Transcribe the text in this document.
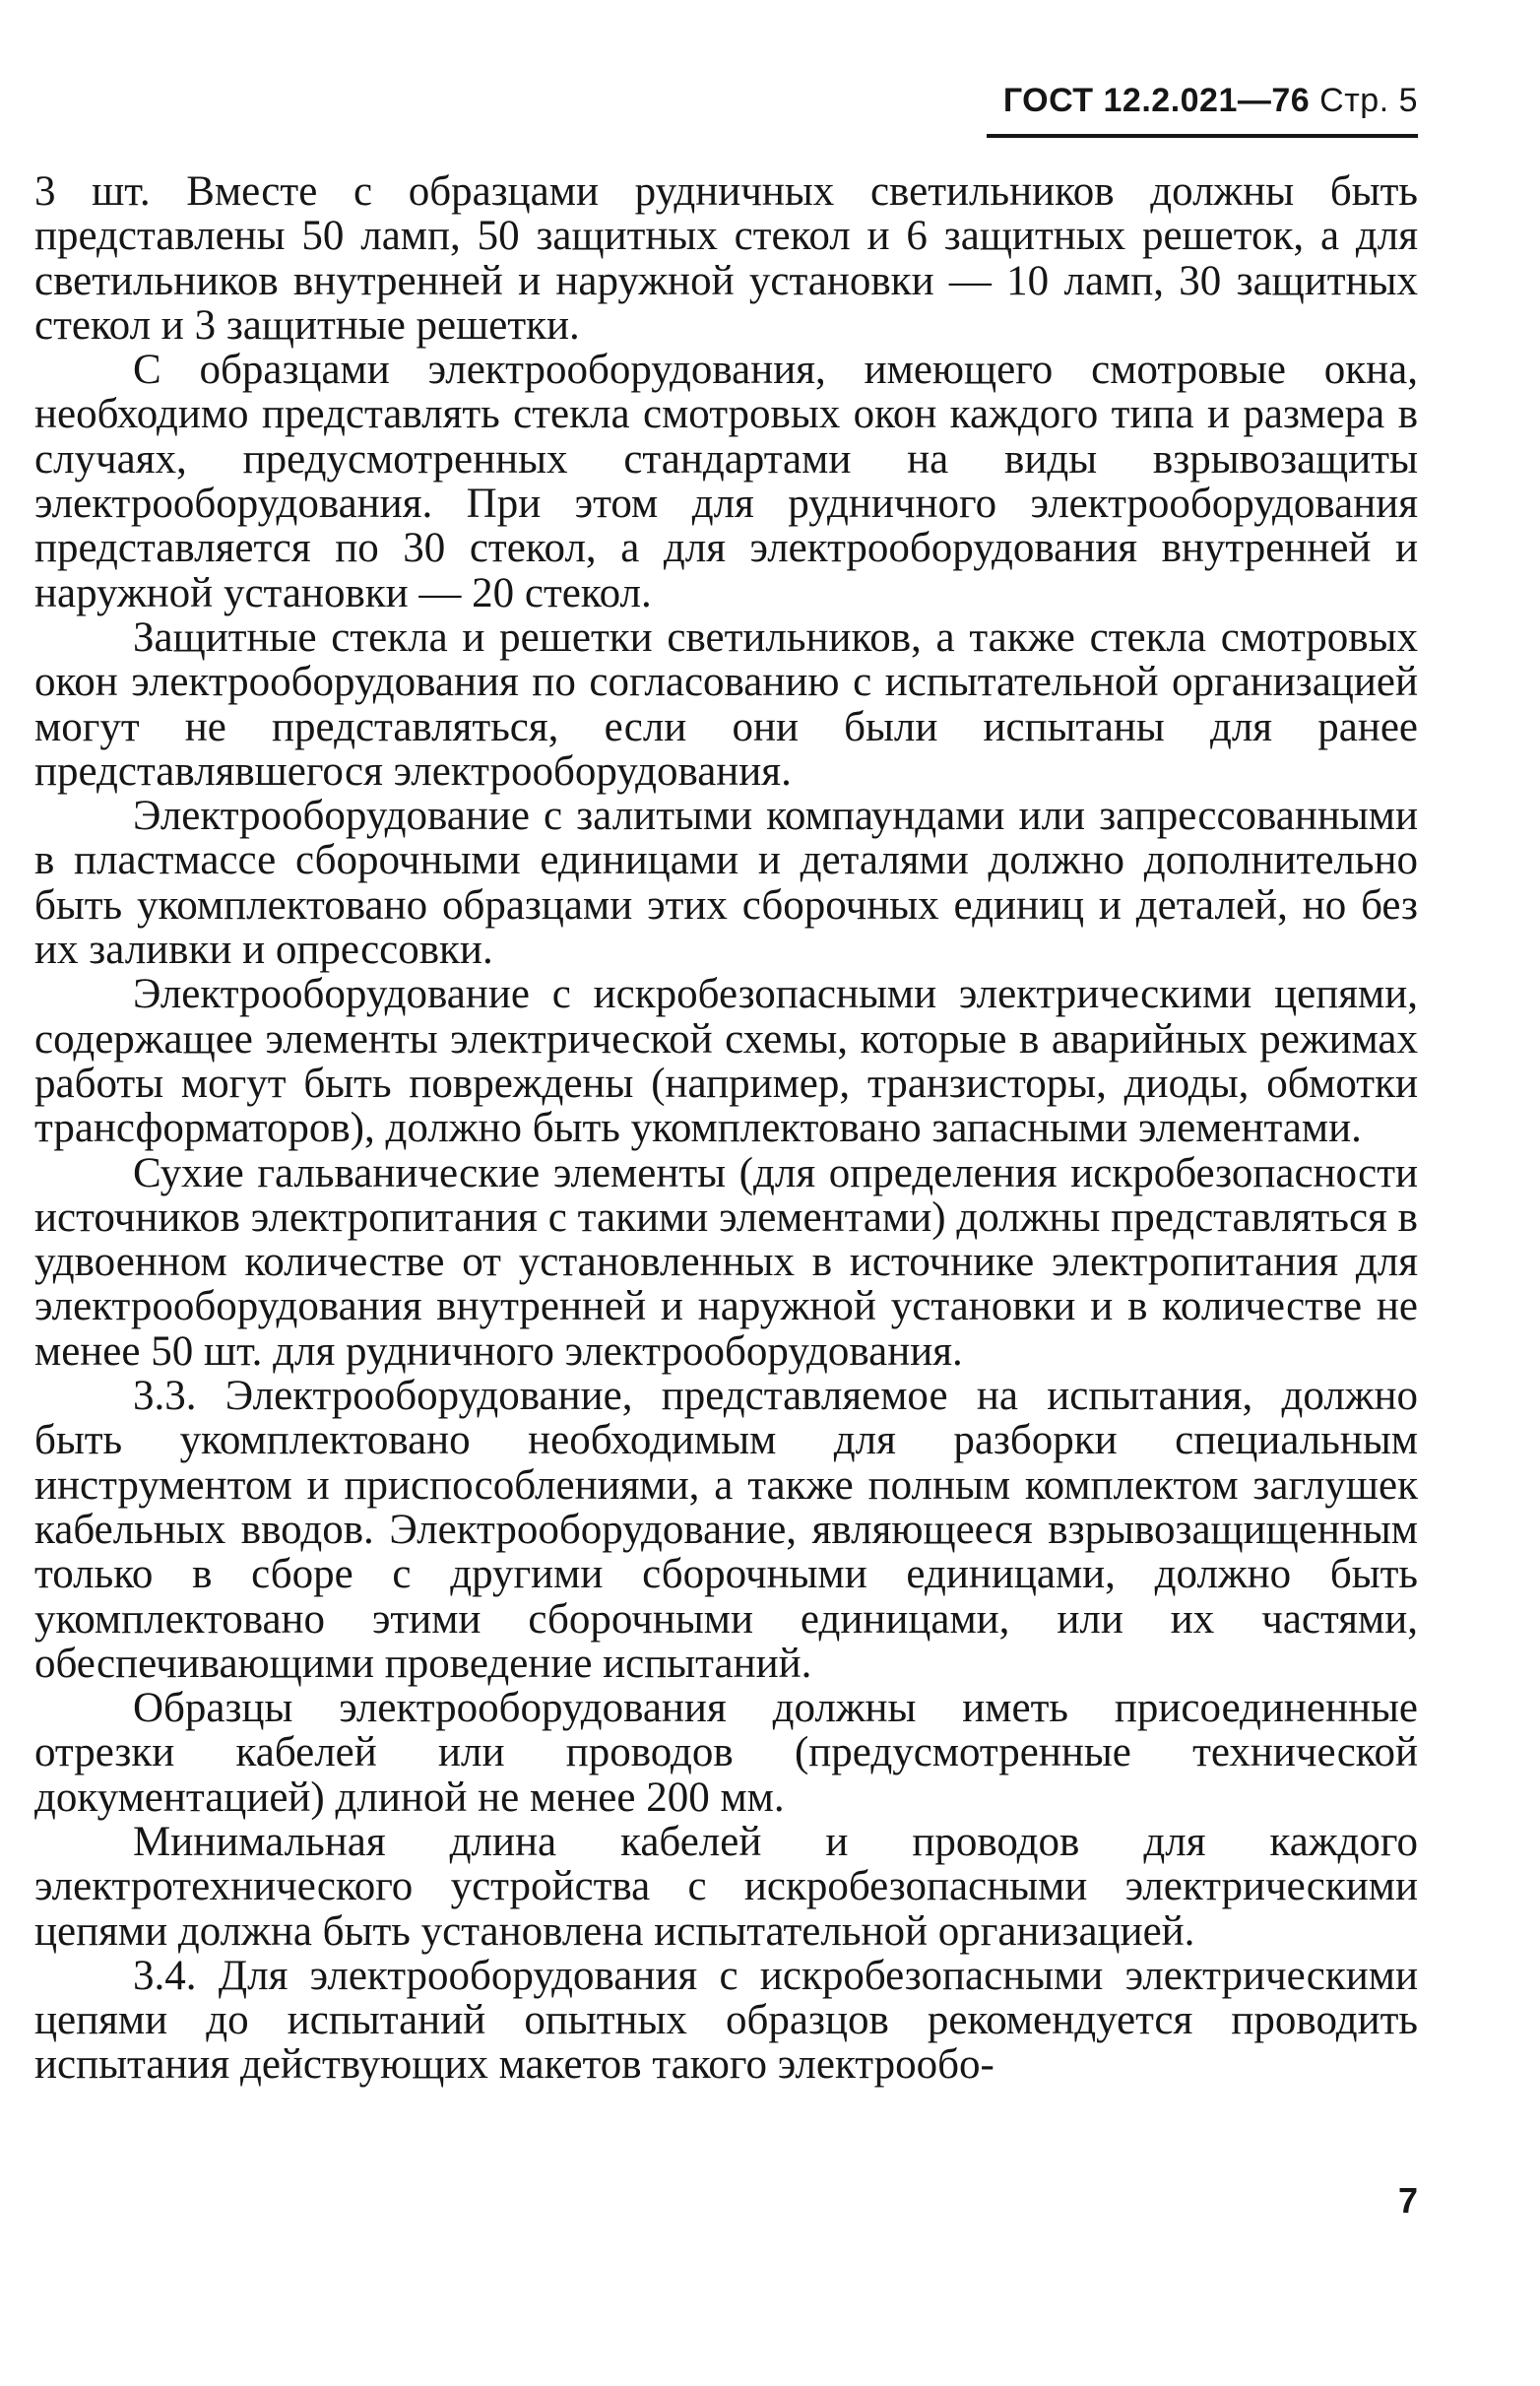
ГОСТ 12.2.021—76 Стр. 5

3 шт. Вместе с образцами рудничных светильников должны быть представлены 50 ламп, 50 защитных стекол и 6 защитных решеток, а для светильников внутренней и наружной установки — 10 ламп, 30 защитных стекол и 3 защитные решетки.

С образцами электрооборудования, имеющего смотровые окна, необходимо представлять стекла смотровых окон каждого типа и размера в случаях, предусмотренных стандартами на виды взрывозащиты электрооборудования. При этом для рудничного электрооборудования представляется по 30 стекол, а для электрооборудования внутренней и наружной установки — 20 стекол.

Защитные стекла и решетки светильников, а также стекла смотровых окон электрооборудования по согласованию с испытательной организацией могут не представляться, если они были испытаны для ранее представлявшегося электрооборудования.

Электрооборудование с залитыми компаундами или запрессованными в пластмассе сборочными единицами и деталями должно дополнительно быть укомплектовано образцами этих сборочных единиц и деталей, но без их заливки и опрессовки.

Электрооборудование с искробезопасными электрическими цепями, содержащее элементы электрической схемы, которые в аварийных режимах работы могут быть повреждены (например, транзисторы, диоды, обмотки трансформаторов), должно быть укомплектовано запасными элементами.

Сухие гальванические элементы (для определения искробезопасности источников электропитания с такими элементами) должны представляться в удвоенном количестве от установленных в источнике электропитания для электрооборудования внутренней и наружной установки и в количестве не менее 50 шт. для рудничного электрооборудования.

3.3. Электрооборудование, представляемое на испытания, должно быть укомплектовано необходимым для разборки специальным инструментом и приспособлениями, а также полным комплектом заглушек кабельных вводов. Электрооборудование, являющееся взрывозащищенным только в сборе с другими сборочными единицами, должно быть укомплектовано этими сборочными единицами, или их частями, обеспечивающими проведение испытаний.

Образцы электрооборудования должны иметь присоединенные отрезки кабелей или проводов (предусмотренные технической документацией) длиной не менее 200 мм.

Минимальная длина кабелей и проводов для каждого электротехнического устройства с искробезопасными электрическими цепями должна быть установлена испытательной организацией.

3.4. Для электрооборудования с искробезопасными электрическими цепями до испытаний опытных образцов рекомендуется проводить испытания действующих макетов такого электрообо-

7
